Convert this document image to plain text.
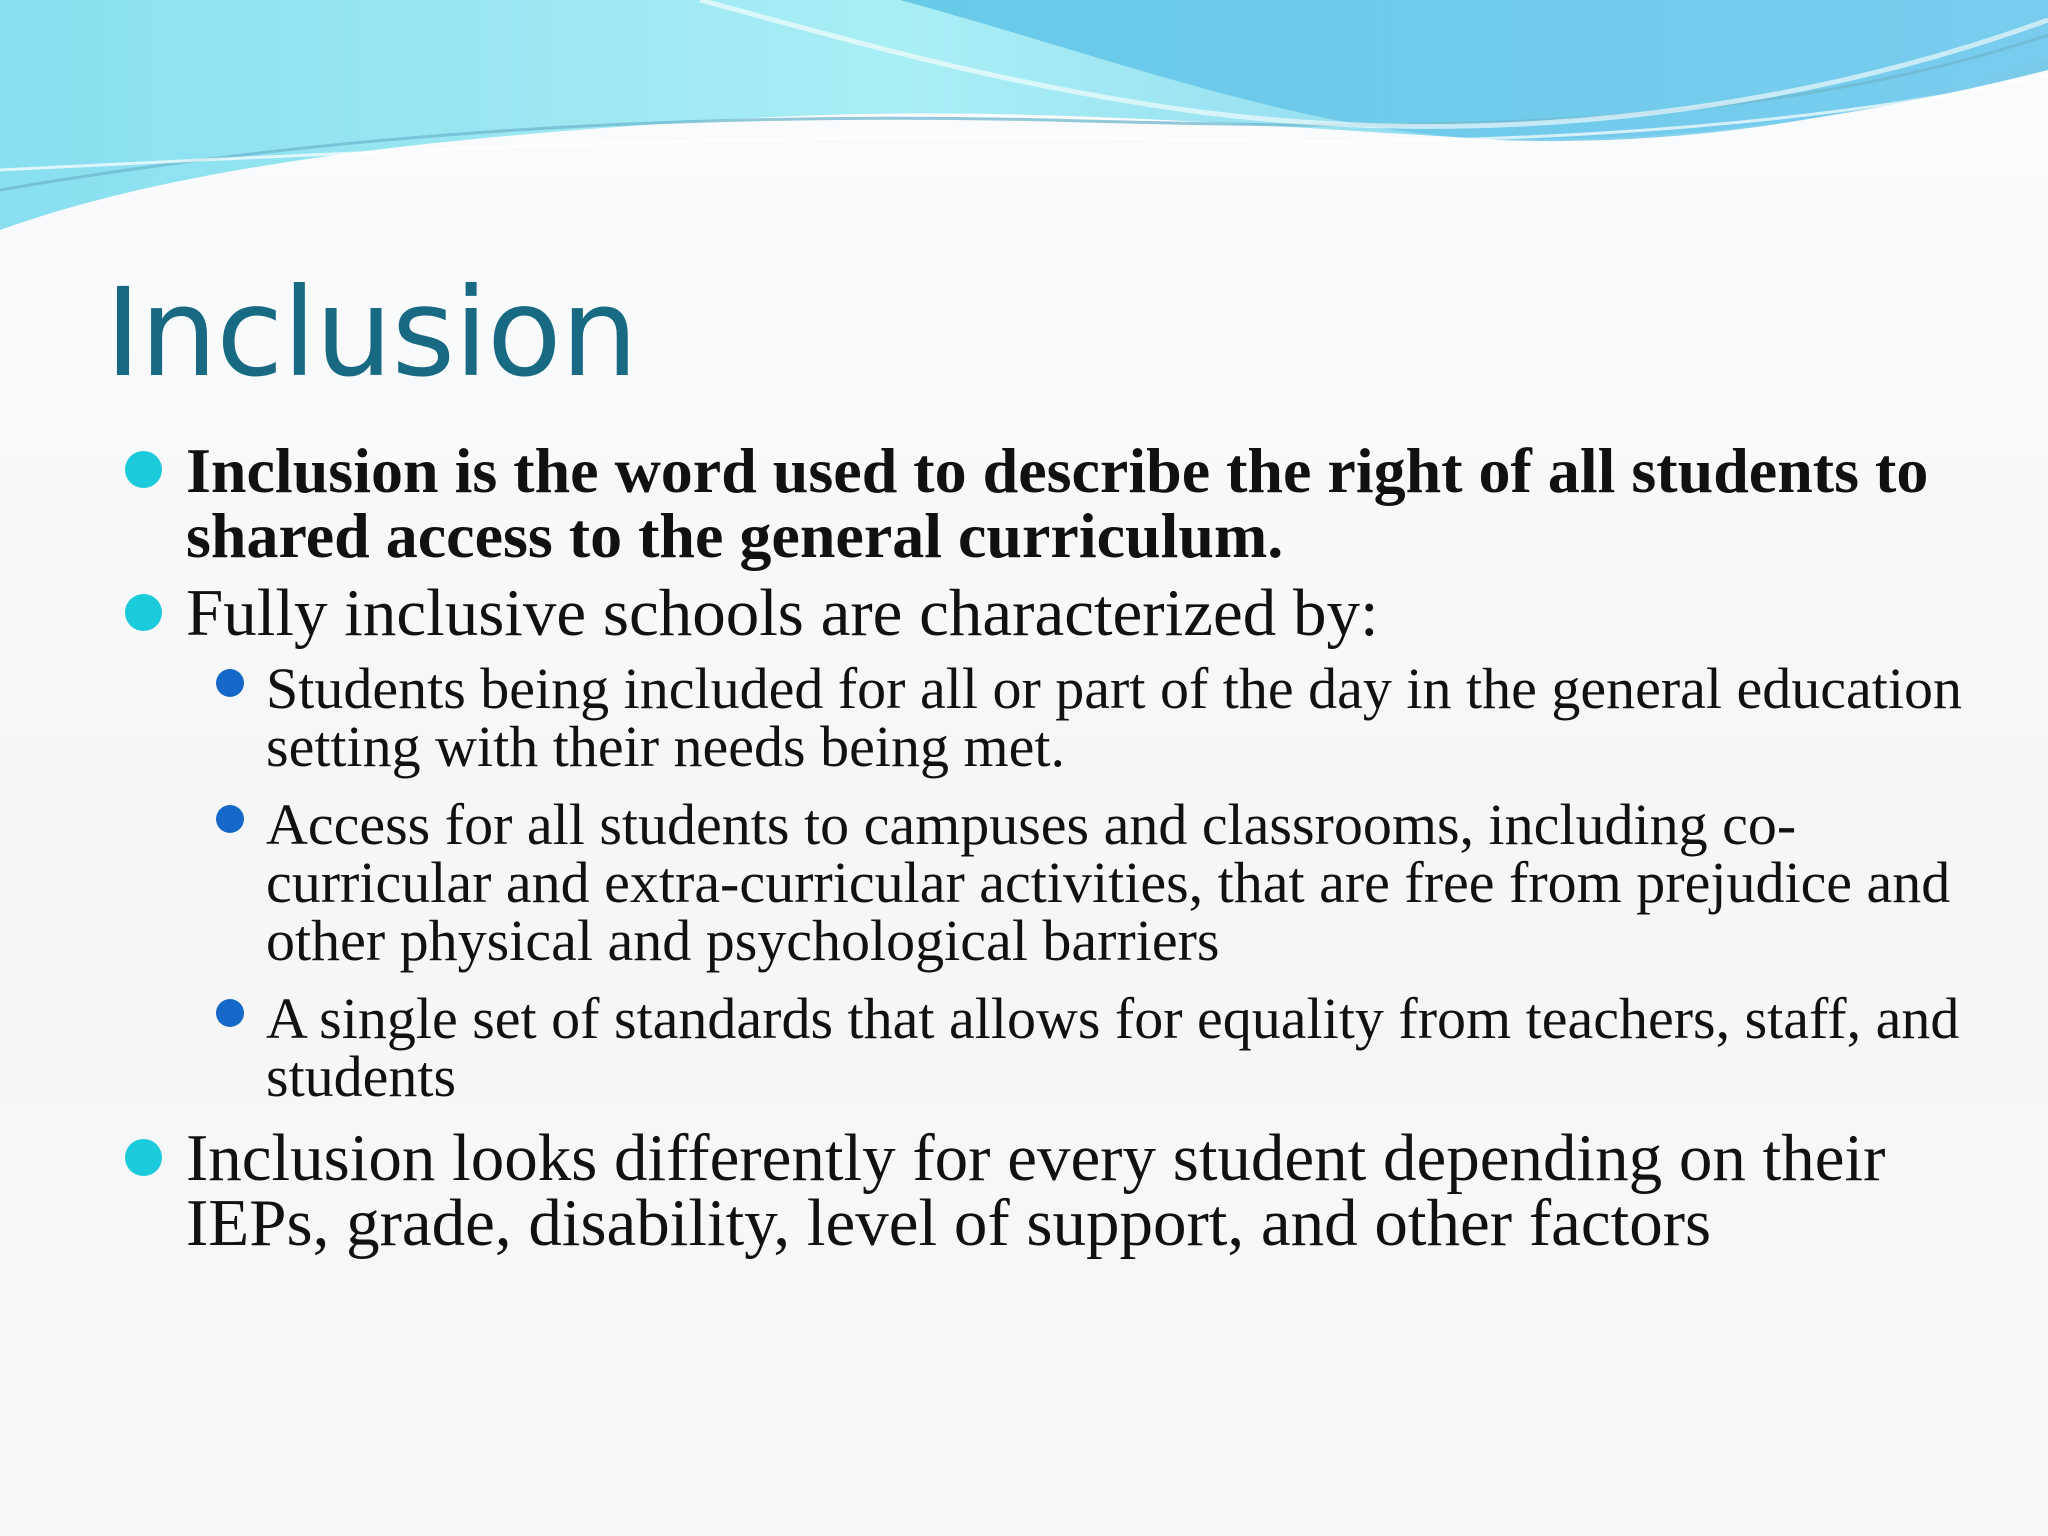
Inclusion
Inclusion is the word used to describe the right of all students to shared access to the general curriculum.
Fully inclusive schools are characterized by:
Students being included for all or part of the day in the general education setting with their needs being met.
Access for all students to campuses and classrooms, including co-curricular and extra-curricular activities, that are free from prejudice and other physical and psychological barriers
A single set of standards that allows for equality from teachers, staff, and students
Inclusion looks differently for every student depending on their IEPs, grade, disability, level of support, and other factors
